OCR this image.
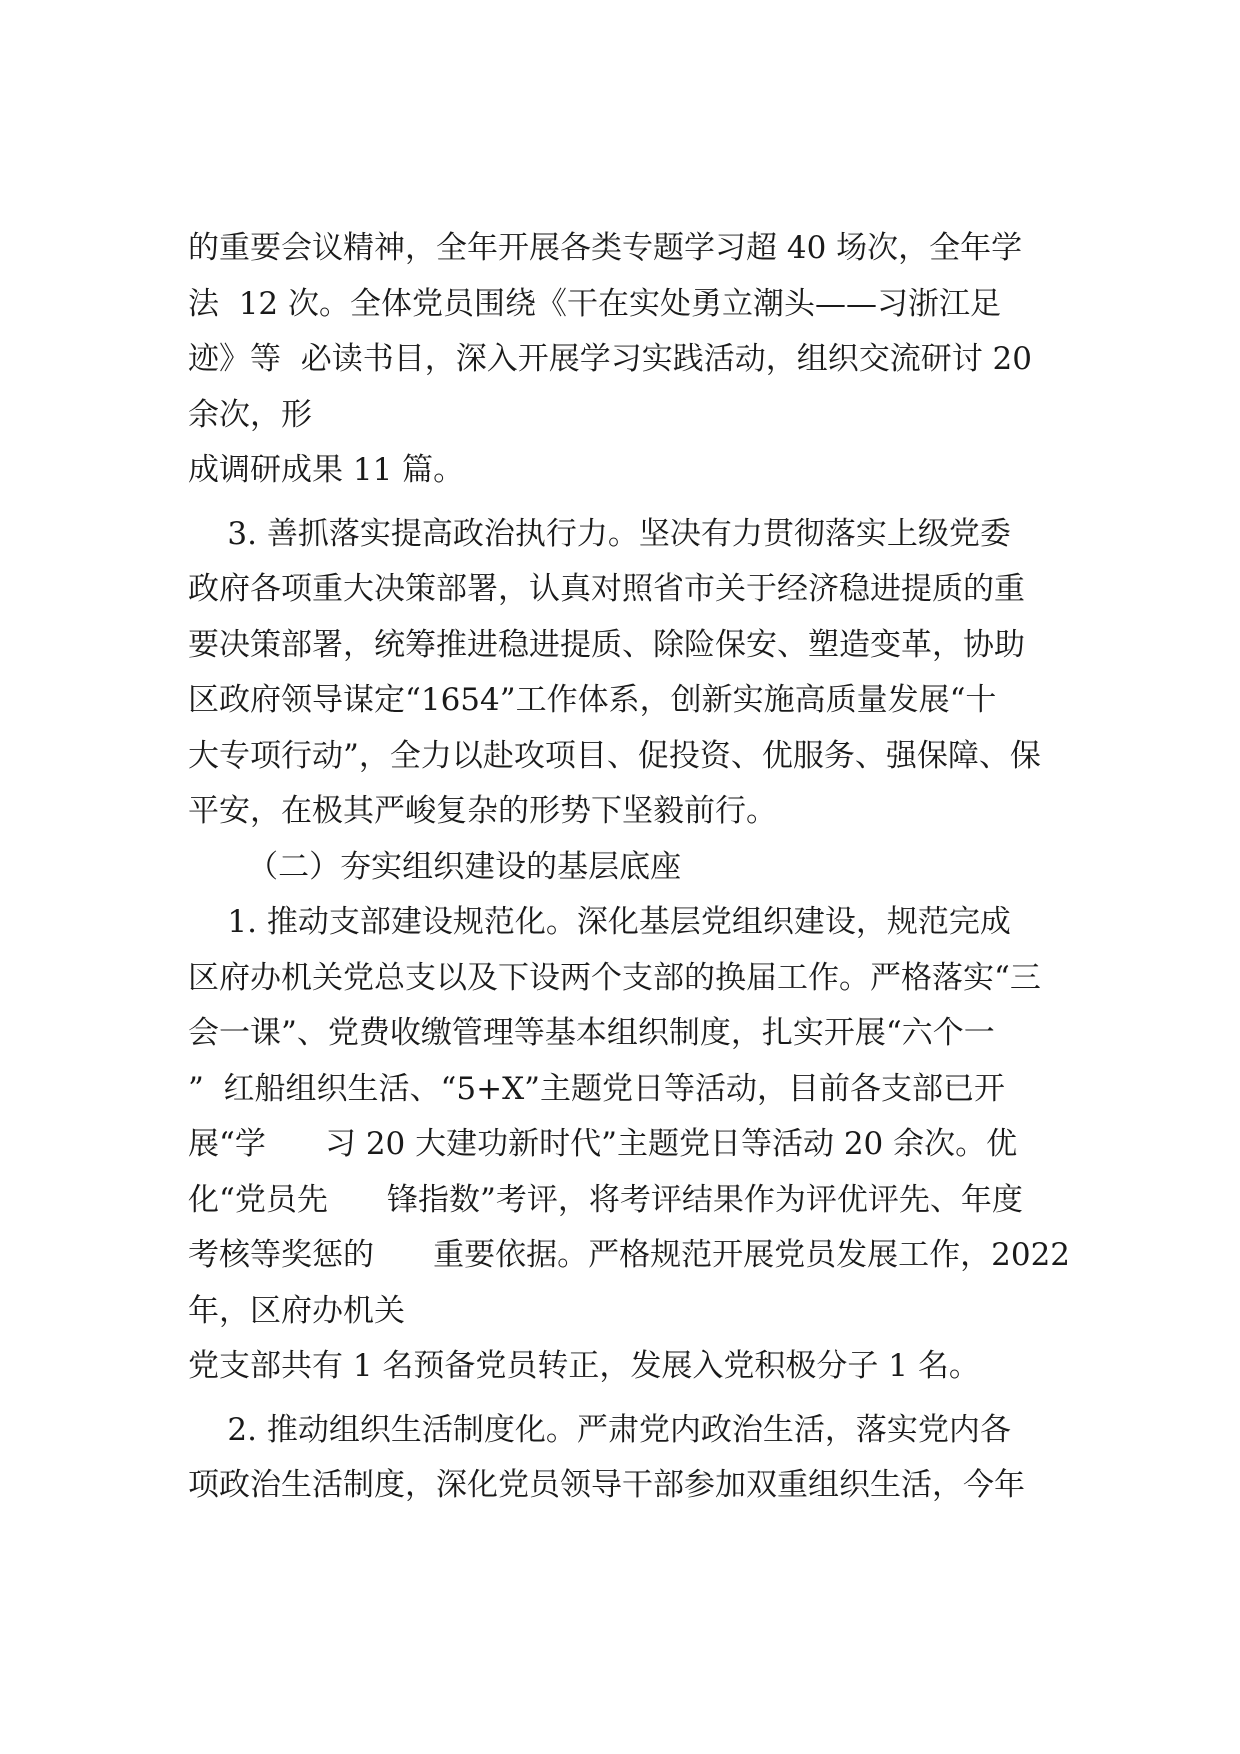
的重要会议精神，全年开展各类专题学习超 40 场次，全年学
法  12 次。全体党员围绕《干在实处勇立潮头——习浙江足
迹》等  必读书目，深入开展学习实践活动，组织交流研讨 20
余次，形
成调研成果 11 篇。
3. 善抓落实提高政治执行力。坚决有力贯彻落实上级党委
政府各项重大决策部署，认真对照省市关于经济稳进提质的重
要决策部署，统筹推进稳进提质、除险保安、塑造变革，协助
区政府领导谋定“1654”工作体系，创新实施高质量发展“十
大专项行动”，全力以赴攻项目、促投资、优服务、强保障、保
平安，在极其严峻复杂的形势下坚毅前行。
（二）夯实组织建设的基层底座
1. 推动支部建设规范化。深化基层党组织建设，规范完成
区府办机关党总支以及下设两个支部的换届工作。严格落实“三
会一课”、党费收缴管理等基本组织制度，扎实开展“六个一
”  红船组织生活、“5+X”主题党日等活动，目前各支部已开
展“学      习 20 大建功新时代”主题党日等活动 20 余次。优
化“党员先      锋指数”考评，将考评结果作为评优评先、年度
考核等奖惩的      重要依据。严格规范开展党员发展工作，2022
年，区府办机关
党支部共有 1 名预备党员转正，发展入党积极分子 1 名。
2. 推动组织生活制度化。严肃党内政治生活，落实党内各
项政治生活制度，深化党员领导干部参加双重组织生活，今年
